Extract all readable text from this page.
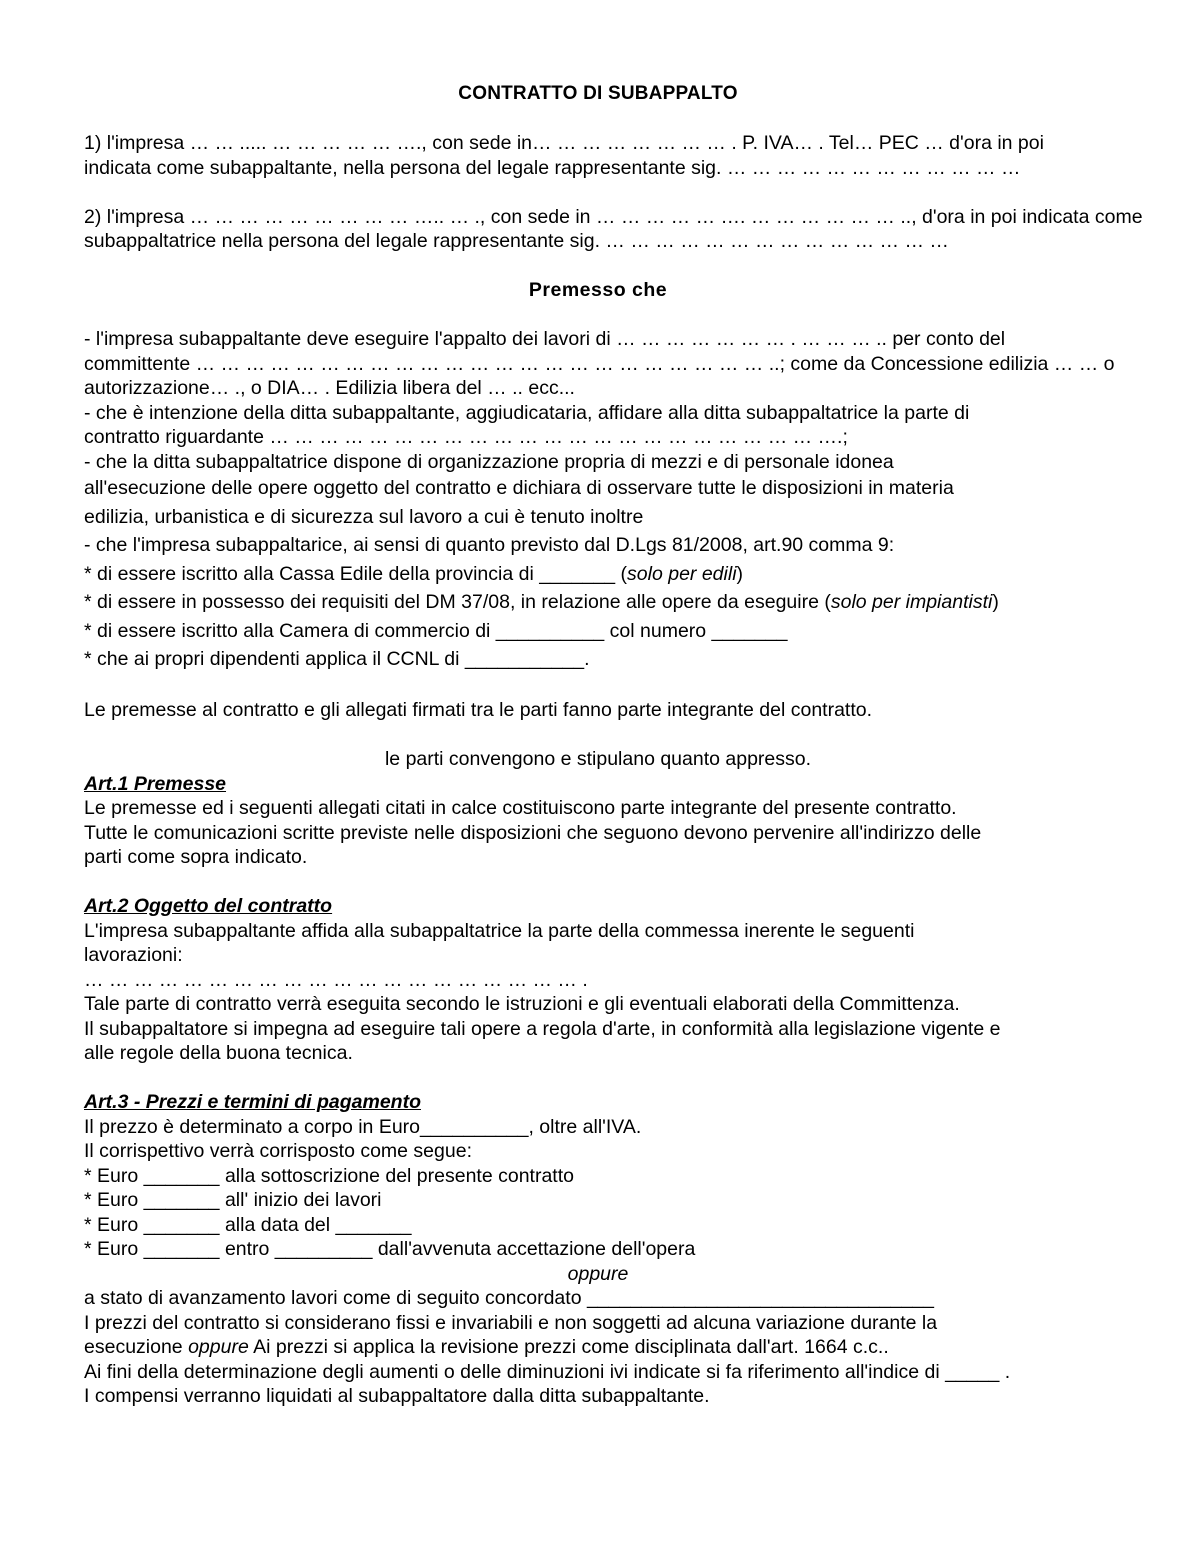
CONTRATTO DI SUBAPPALTO
1) l'impresa … … ..... … … … … … …., con sede in… … … … … … … … . P. IVA… . Tel… PEC … d'ora in poi
indicata come subappaltante, nella persona del legale rappresentante sig. … … … … … … … … … … … …
2) l'impresa … … … … … … … … … ….. … ., con sede in … … … … … …. … … … … … … .., d'ora in poi indicata come
subappaltatrice nella persona del legale rappresentante sig. … … … … … … … … … … … … … …
Premesso che
- l'impresa subappaltante deve eseguire l'appalto dei lavori di … … … … … … … . … … … .. per conto del
committente … … … … … … … … … … … … … … … … … … … … … … … ..; come da Concessione edilizia … … o
autorizzazione… ., o DIA… . Edilizia libera del … .. ecc...
- che è intenzione della ditta subappaltante, aggiudicataria, affidare alla ditta subappaltatrice la parte di
contratto riguardante … … … … … … … … … … … … … … … … … … … … … … ….;
- che la ditta subappaltatrice dispone di organizzazione propria di mezzi e di personale idonea
all'esecuzione delle opere oggetto del contratto e dichiara di osservare tutte le disposizioni in materia
edilizia, urbanistica e di sicurezza sul lavoro a cui è tenuto inoltre
- che l'impresa subappaltarice, ai sensi di quanto previsto dal D.Lgs 81/2008, art.90 comma 9:
* di essere iscritto alla Cassa Edile della provincia di _______ (solo per edili)
* di essere in possesso dei requisiti del DM 37/08, in relazione alle opere da eseguire (solo per impiantisti)
* di essere iscritto alla Camera di commercio di __________ col numero _______
* che ai propri dipendenti applica il CCNL di ___________.
Le premesse al contratto e gli allegati firmati tra le parti fanno parte integrante del contratto.
le parti convengono e stipulano quanto appresso.
Art.1 Premesse
Le premesse ed i seguenti allegati citati in calce costituiscono parte integrante del presente contratto.
Tutte le comunicazioni scritte previste nelle disposizioni che seguono devono pervenire all'indirizzo delle
parti come sopra indicato.
Art.2 Oggetto del contratto
L'impresa subappaltante affida alla subappaltatrice la parte della commessa inerente le seguenti
lavorazioni:
… … … … … … … … … … … … … … … … … … … … .
Tale parte di contratto verrà eseguita secondo le istruzioni e gli eventuali elaborati della Committenza.
Il subappaltatore si impegna ad eseguire tali opere a regola d'arte, in conformità alla legislazione vigente e
alle regole della buona tecnica.
Art.3 - Prezzi e termini di pagamento
Il prezzo è determinato a corpo in Euro__________, oltre all'IVA.
Il corrispettivo verrà corrisposto come segue:
* Euro _______ alla sottoscrizione del presente contratto
* Euro _______ all' inizio dei lavori
* Euro _______ alla data del _______
* Euro _______ entro _________ dall'avvenuta accettazione dell'opera
oppure
a stato di avanzamento lavori come di seguito concordato ________________________________
I prezzi del contratto si considerano fissi e invariabili e non soggetti ad alcuna variazione durante la
esecuzione oppure Ai prezzi si applica la revisione prezzi come disciplinata dall'art. 1664 c.c..
Ai fini della determinazione degli aumenti o delle diminuzioni ivi indicate si fa riferimento all'indice di _____ .
I compensi verranno liquidati al subappaltatore dalla ditta subappaltante.
